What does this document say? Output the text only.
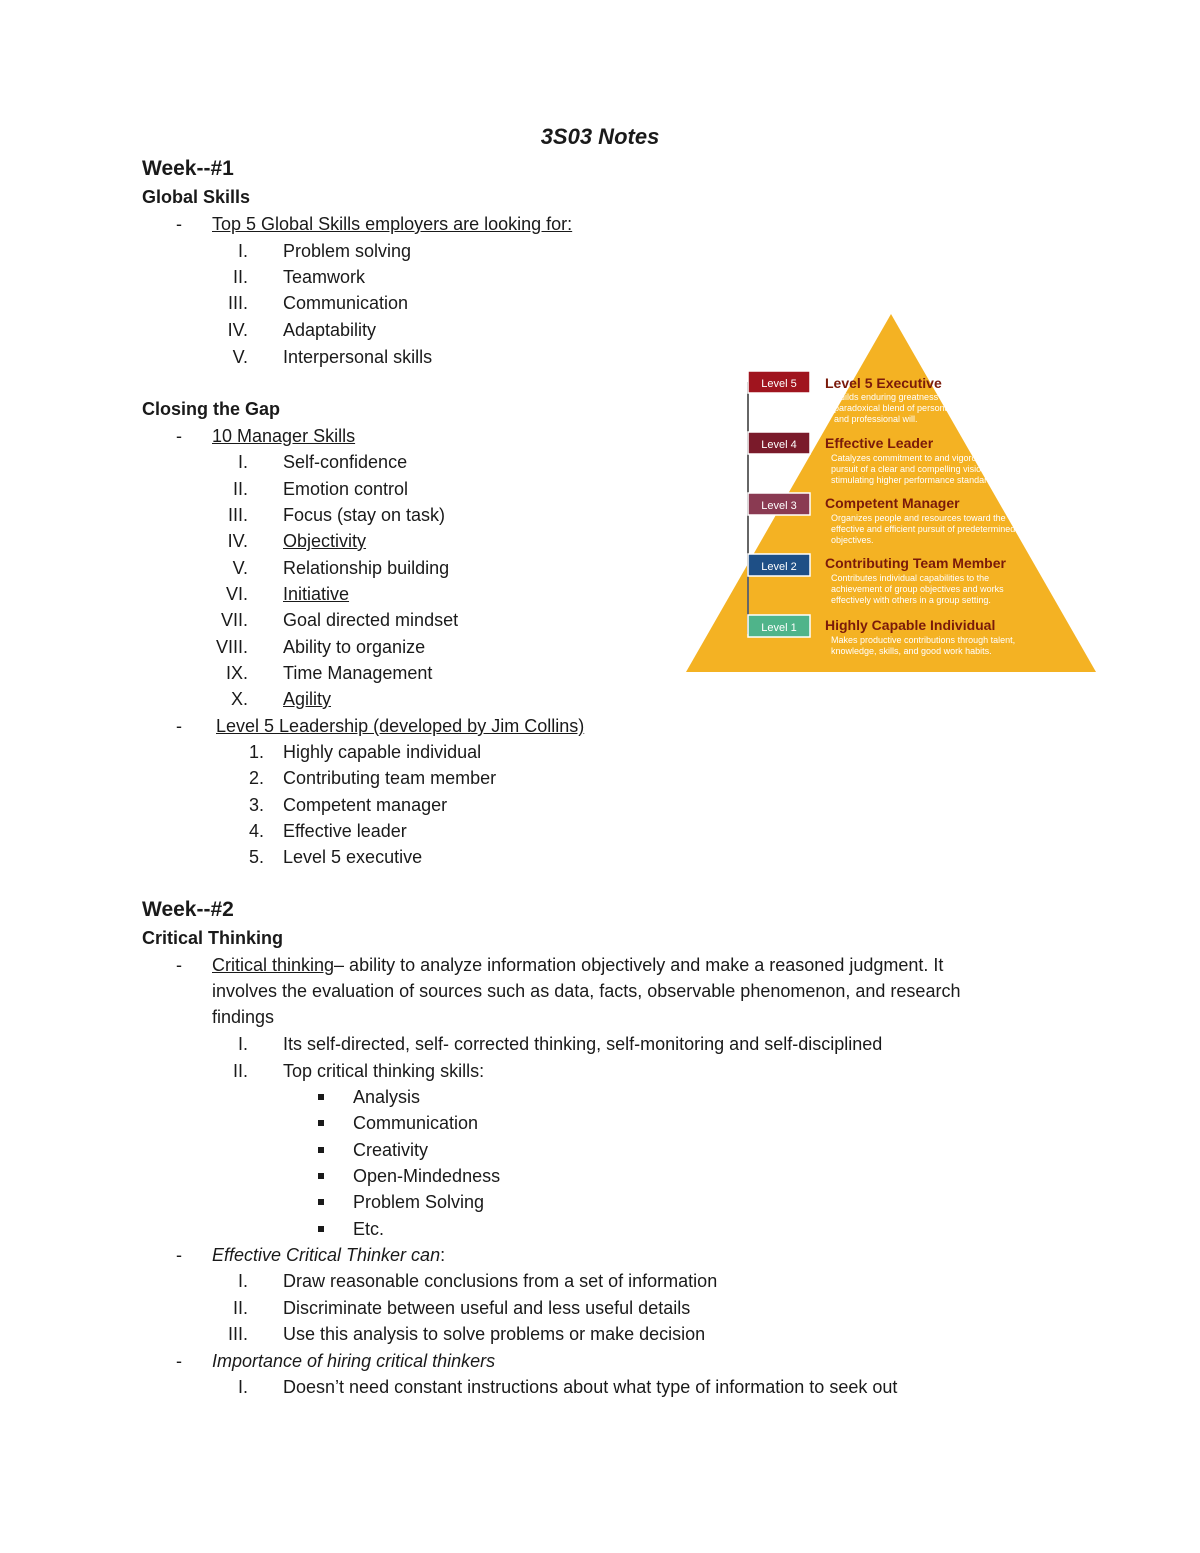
3S03 Notes
Week--#1
Global Skills
- Top 5 Global Skills employers are looking for:
I. Problem solving
II. Teamwork
III. Communication
IV. Adaptability
V. Interpersonal skills
Closing the Gap
- 10 Manager Skills
I. Self-confidence
II. Emotion control
III. Focus (stay on task)
IV. Objectivity
V. Relationship building
VI. Initiative
VII. Goal directed mindset
VIII. Ability to organize
IX. Time Management
X. Agility
- Level 5 Leadership (developed by Jim Collins)
1. Highly capable individual
2. Contributing team member
3. Competent manager
4. Effective leader
5. Level 5 executive
Level 5 Level 5 Executive
Builds enduring greatness through a
paradoxical blend of personal humility
and professional will.
Level 4 Effective Leader
Catalyzes commitment to and vigorous
pursuit of a clear and compelling vision,
stimulating higher performance standards.
Level 3 Competent Manager
Organizes people and resources toward the
effective and efficient pursuit of predetermined
objectives.
Level 2 Contributing Team Member
Contributes individual capabilities to the
achievement of group objectives and works
effectively with others in a group setting.
Level 1 Highly Capable Individual
Makes productive contributions through talent,
knowledge, skills, and good work habits.
Week--#2
Critical Thinking
- Critical thinking– ability to analyze information objectively and make a reasoned judgment. It
involves the evaluation of sources such as data, facts, observable phenomenon, and research
findings
I. Its self-directed, self- corrected thinking, self-monitoring and self-disciplined
II. Top critical thinking skills:
Analysis
Communication
Creativity
Open-Mindedness
Problem Solving
Etc.
- Effective Critical Thinker can:
I. Draw reasonable conclusions from a set of information
II. Discriminate between useful and less useful details
III. Use this analysis to solve problems or make decision
- Importance of hiring critical thinkers
I. Doesn’t need constant instructions about what type of information to seek out
